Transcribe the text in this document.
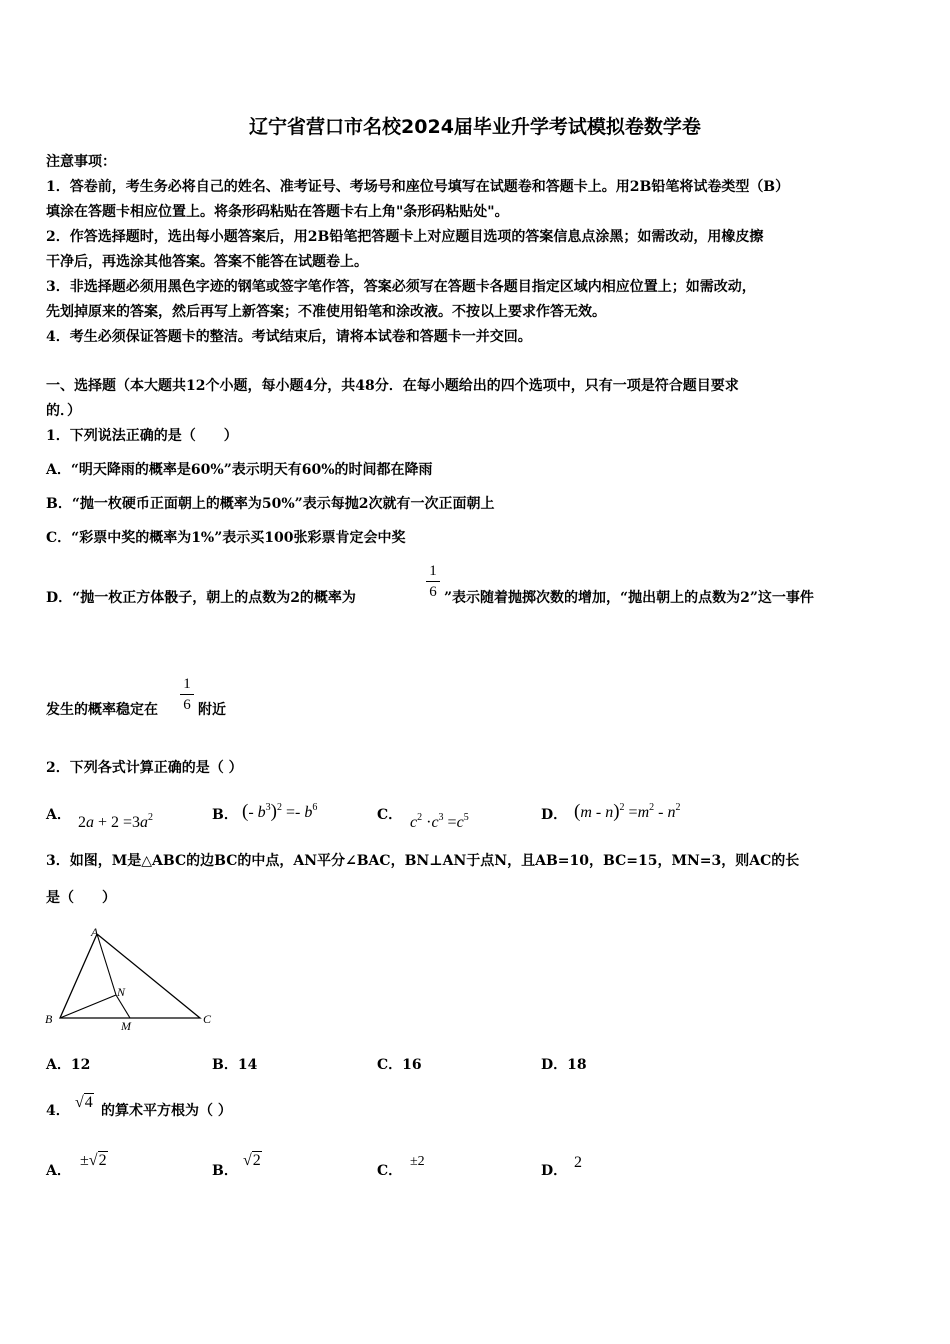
辽宁省营口市名校2024届毕业升学考试模拟卷数学卷
注意事项：
1．答卷前，考生务必将自己的姓名、准考证号、考场号和座位号填写在试题卷和答题卡上。用2B铅笔将试卷类型（B）
填涂在答题卡相应位置上。将条形码粘贴在答题卡右上角"条形码粘贴处"。
2．作答选择题时，选出每小题答案后，用2B铅笔把答题卡上对应题目选项的答案信息点涂黑；如需改动，用橡皮擦
干净后，再选涂其他答案。答案不能答在试题卷上。
3．非选择题必须用黑色字迹的钢笔或签字笔作答，答案必须写在答题卡各题目指定区域内相应位置上；如需改动，
先划掉原来的答案，然后再写上新答案；不准使用铅笔和涂改液。不按以上要求作答无效。
4．考生必须保证答题卡的整洁。考试结束后，请将本试卷和答题卡一并交回。
一、选择题（本大题共12个小题，每小题4分，共48分．在每小题给出的四个选项中，只有一项是符合题目要求
的．）
1．下列说法正确的是（　　）
A．“明天降雨的概率是60%”表示明天有60%的时间都在降雨
B．“抛一枚硬币正面朝上的概率为50%”表示每抛2次就有一次正面朝上
C．“彩票中奖的概率为1%”表示买100张彩票肯定会中奖
D．“抛一枚正方体骰子，朝上的点数为2的概率为
1
6 ”表示随着抛掷次数的增加，“抛出朝上的点数为2”这一事件
发生的概率稳定在
1
6 附近
2．下列各式计算正确的是（ ）
A． $2a + 2 =3a^2$	B． (- $b^3)^2 =- b^6$	C． $c^2 \cdot c^3 =c^5$	D． $(m - n)^2 =m^2 - n^2$
3．如图，M是△ABC的边BC的中点，AN平分∠BAC，BN⊥AN于点N，且AB=10，BC=15，MN=3，则AC的长
是（　　）
A
B	C
M
N
A．12	B．14	C．16	D．18
4． √4 的算术平方根为（ ）
A．
±√2
B．
√2
C．
±2
D． 2
